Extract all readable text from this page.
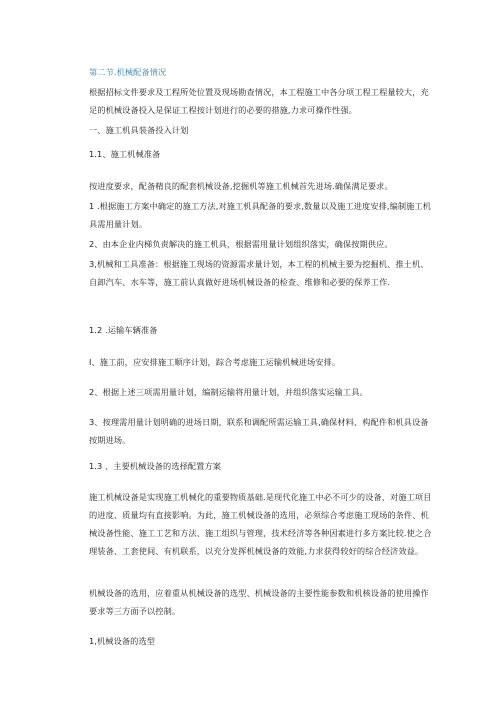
第二节.机械配备情况

根据招标文件要求及工程所处位置及现场勘查情况，本工程施工中各分项工程工程量较大，充足的机械设备投入是保证工程按计划进行的必要的措施,力求可操作性强。

一、施工机具装备投入计划

1.1、施工机械准备

按进度要求，配备精良的配套机械设备,挖掘机等施工机械首先进场.确保满足要求。

1 .根据施工方案中确定的施工方法,对施工机具配备的要求,数量以及施工进度安排,编制施工机具需用量计划。

2、由本企业内梯负责解决的施工机具，根据需用量计划组织落实，确保按期供应。

3,机械和工具准备：根据施工现场的资源需求量计划，本工程的机械主要为挖掘机、推土机、自卸汽车、水车等，施工前认真做好进场机械设备的检查、维修和必要的保养工作.

1.2 .运输车辆准备

I、施工前，应安排施工顺序计划，踪合考虑施工运输机械进场安排。

2、根据上述三项需用量计划，编制运输将用量计划，并组织落实运输工具。

3、按理需用量计划明确的进场日期，联系和调配所需运输工具,确保材料、构配件和机具设备按期进场。

1.3 、主要机械设备的选择配置方案

施工机械设备是实现施工机械化的重要物质基础.是现代化施工中必不可少的设备，对施工项目的进度、质量均有直接影响。为此，施工机械设备的选用，必须综合考虑施工现场的条件、机械设备性能、施工工艺和方法、施工组织与管理，技术经济等各种因素进行多方案比较.使之合理装备、工套使间、有机联系，以充分发挥机械设备的效能,力求获得较好的综合经济效益。

机械设备的选用，应着重从机械设备的选型、机械设备的主要性能参数和机核设备的使用操作要求等三方面予以控制。

1,机械设备的选型
